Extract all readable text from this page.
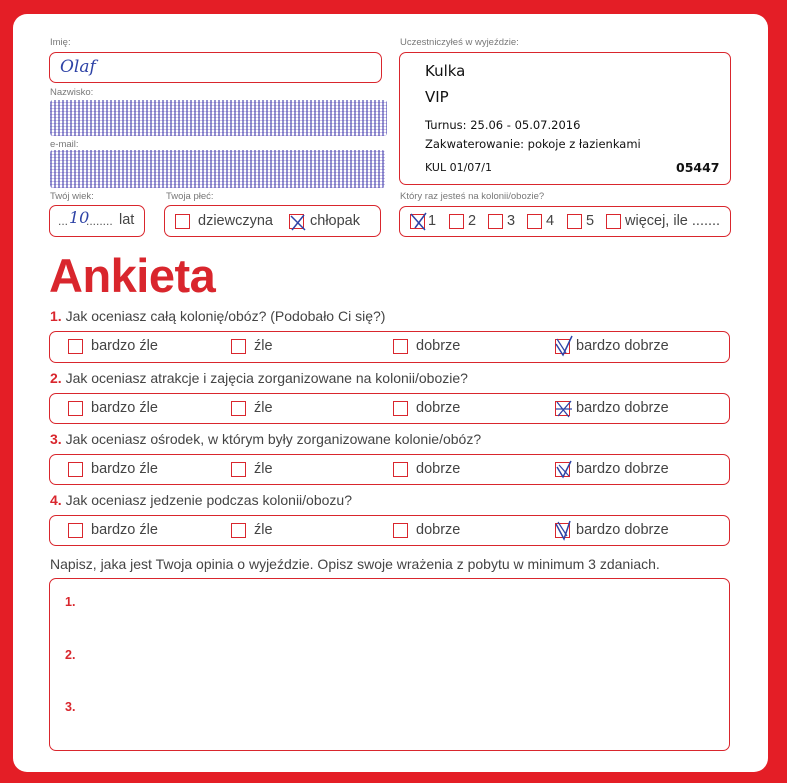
Imię:
Olaf
Nazwisko:
e-mail:
Twój wiek:
... 10
........ lat
Twoja płeć:
dziewczyna	chłopak
Uczestniczyłeś w wyjeździe:
Kulka
VIP
Turnus: 25.06 - 05.07.2016
Zakwaterowanie: pokoje z łazienkami
KUL 01/07/1	05447
Który raz jesteś na kolonii/obozie?
1 2 3 4 5 więcej, ile .......
Ankieta
1. Jak oceniasz całą kolonię/obóz? (Podobało Ci się?)
bardzo źle	źle	dobrze	bardzo dobrze
2. Jak oceniasz atrakcje i zajęcia zorganizowane na kolonii/obozie?
bardzo źle	źle	dobrze	bardzo dobrze
3. Jak oceniasz ośrodek, w którym były zorganizowane kolonie/obóz?
bardzo źle	źle	dobrze	bardzo dobrze
4. Jak oceniasz jedzenie podczas kolonii/obozu?
bardzo źle	źle	dobrze	bardzo dobrze
Napisz, jaka jest Twoja opinia o wyjeździe. Opisz swoje wrażenia z pobytu w minimum 3 zdaniach.
1.
2.
3.
